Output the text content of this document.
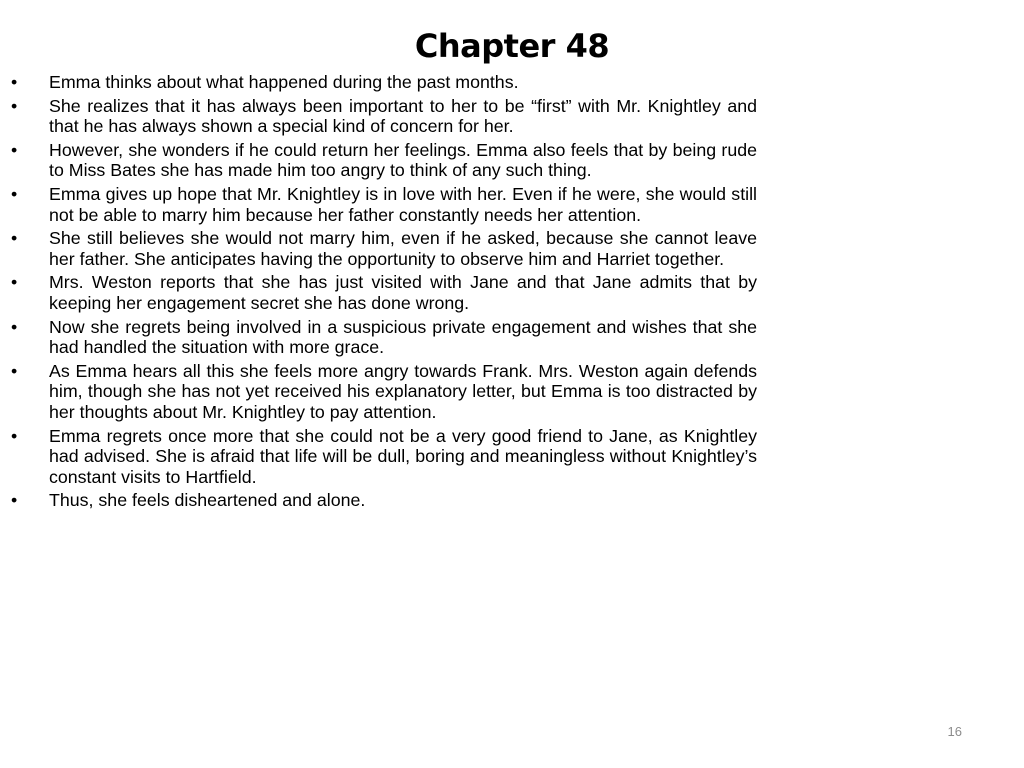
Chapter 48
•	Emma thinks about what happened during the past months.
•	She realizes that it has always been important to her to be “first” with Mr. Knightley and that he has always shown a special kind of concern for her.
•	However, she wonders if he could return her feelings. Emma also feels that by being rude to Miss Bates she has made him too angry to think of any such thing.
•	Emma gives up hope that Mr. Knightley is in love with her. Even if he were, she would still not be able to marry him because her father constantly needs her attention.
•	She still believes she would not marry him, even if he asked, because she cannot leave her father. She anticipates having the opportunity to observe him and Harriet together.
•	Mrs. Weston reports that she has just visited with Jane and that Jane admits that by keeping her engagement secret she has done wrong.
•	Now she regrets being involved in a suspicious private engagement and wishes that she had handled the situation with more grace.
•	As Emma hears all this she feels more angry towards Frank. Mrs. Weston again defends him, though she has not yet received his explanatory letter, but Emma is too distracted by her thoughts about Mr. Knightley to pay attention.
•	Emma regrets once more that she could not be a very good friend to Jane, as Knightley had advised. She is afraid that life will be dull, boring and meaningless without Knightley’s constant visits to Hartfield.
•	Thus, she feels disheartened and alone.
16
